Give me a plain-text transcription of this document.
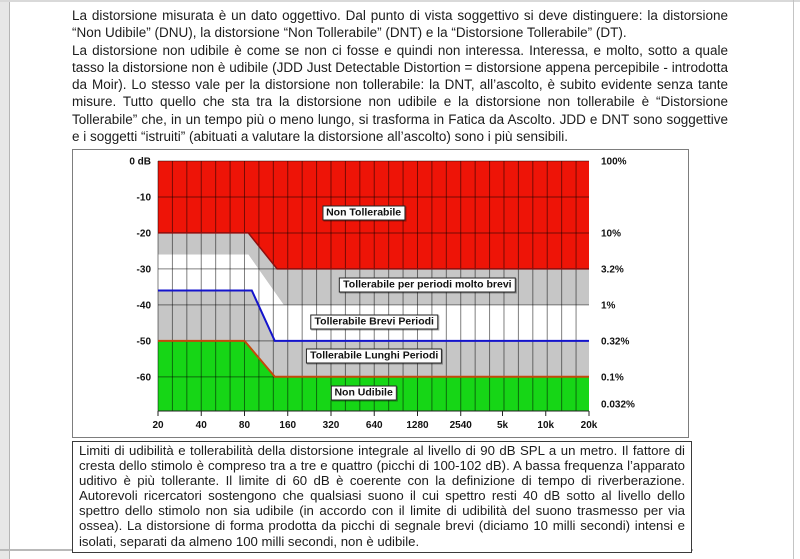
La distorsione misurata è un dato oggettivo. Dal punto di vista soggettivo si deve distinguere: la distorsione “Non Udibile” (DNU), la distorsione “Non Tollerabile” (DNT) e la “Distorsione Tollerabile” (DT).

La distorsione non udibile è come se non ci fosse e quindi non interessa. Interessa, e molto, sotto a quale tasso la distorsione non è udibile (JDD Just Detectable Distortion = distorsione appena percepibile - introdotta da Moir). Lo stesso vale per la distorsione non tollerabile: la DNT, all’ascolto, è subito evidente senza tante misure. Tutto quello che sta tra la distorsione non udibile e la distorsione non tollerabile è “Distorsione Tollerabile” che, in un tempo più o meno lungo, si trasforma in Fatica da Ascolto. JDD e DNT sono soggettive e i soggetti “istruiti” (abituati a valutare la distorsione all’ascolto) sono i più sensibili.

20	40	80	160	320	640 1280 2540	5k	10k	20k
0 dB
-10
-20
-30
-40
-50
-60
100%
10%
3.2%
1%
0.32%
0.1%
0.032%
Non Tollerabile
Tollerabile per periodi molto brevi
Tollerabile Brevi Periodi
Tollerabile Lunghi Periodi
Non Udibile

Limiti di udibilità e tollerabilità della distorsione integrale al livello di 90 dB SPL a un metro. Il fattore di cresta dello stimolo è compreso tra a tre e quattro (picchi di 100-102 dB). A bassa frequenza l’apparato uditivo è più tollerante. Il limite di 60 dB è coerente con la definizione di tempo di riverberazione. Autorevoli ricercatori sostengono che qualsiasi suono il cui spettro resti 40 dB sotto al livello dello spettro dello stimolo non sia udibile (in accordo con il limite di udibilità del suono trasmesso per via ossea). La distorsione di forma prodotta da picchi di segnale brevi (diciamo 10 milli secondi) intensi e isolati, separati da almeno 100 milli secondi, non è udibile.
